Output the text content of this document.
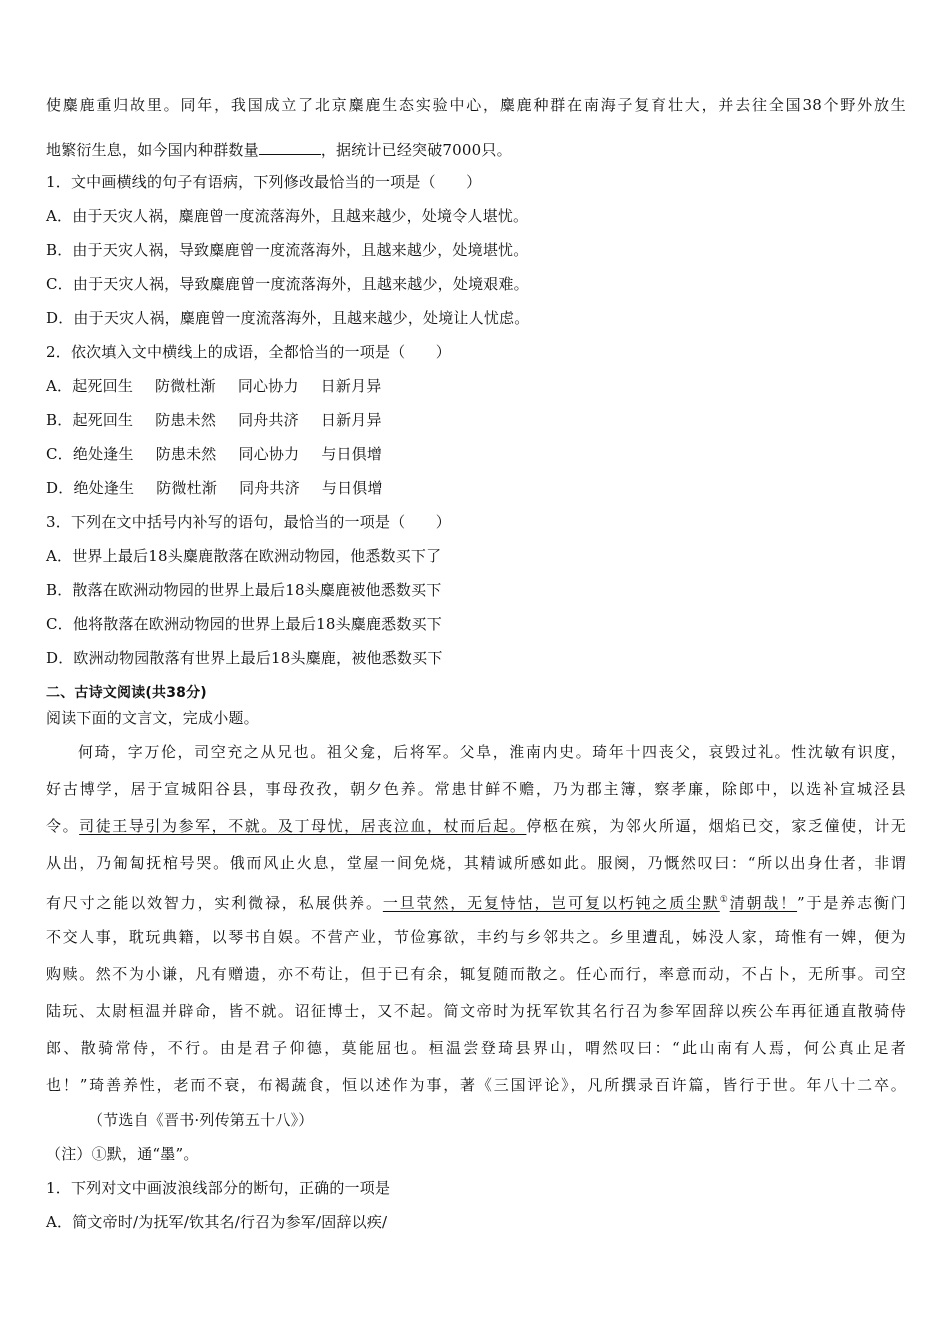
使麋鹿重归故里。同年，我国成立了北京麋鹿生态实验中心，麋鹿种群在南海子复育壮大，并去往全国38个野外放生
地繁衍生息，如今国内种群数量	，据统计已经突破7000只。
1．文中画横线的句子有语病，下列修改最恰当的一项是（　　）
A．由于天灾人祸，麋鹿曾一度流落海外，且越来越少，处境令人堪忧。
B．由于天灾人祸，导致麋鹿曾一度流落海外，且越来越少，处境堪忧。
C．由于天灾人祸，导致麋鹿曾一度流落海外，且越来越少，处境艰难。
D．由于天灾人祸，麋鹿曾一度流落海外，且越来越少，处境让人忧虑。
2．依次填入文中横线上的成语，全都恰当的一项是（　　）
A．起死回生 防微杜渐 同心协力 日新月异
B．起死回生 防患未然 同舟共济 日新月异
C．绝处逢生 防患未然 同心协力 与日俱增
D．绝处逢生 防微杜渐 同舟共济 与日俱增
3．下列在文中括号内补写的语句，最恰当的一项是（　　）
A．世界上最后18头麋鹿散落在欧洲动物园，他悉数买下了
B．散落在欧洲动物园的世界上最后18头麋鹿被他悉数买下
C．他将散落在欧洲动物园的世界上最后18头麋鹿悉数买下
D．欧洲动物园散落有世界上最后18头麋鹿，被他悉数买下
二、古诗文阅读(共38分)
阅读下面的文言文，完成小题。
何琦，字万伦，司空充之从兄也。祖父龛，后将军。父阜，淮南内史。琦年十四丧父，哀毁过礼。性沈敏有识度，
好古博学，居于宣城阳谷县，事母孜孜，朝夕色养。常患甘鲜不赡，乃为郡主簿，察孝廉，除郎中，以选补宣城泾县
令。司徒王导引为参军，不就。及丁母忧，居丧泣血，杖而后起。停柩在殡，为邻火所逼，烟焰已交，家乏僮使，计无
从出，乃匍匐抚棺号哭。俄而风止火息，堂屋一间免烧，其精诚所感如此。服阕，乃慨然叹曰：“所以出身仕者，非谓
有尺寸之能以效智力，实利微禄，私展供养。一旦茕然，无复恃怙，岂可复以朽钝之质尘默①清朝哉！”于是养志衡门
不交人事，耽玩典籍，以琴书自娱。不营产业，节俭寡欲，丰约与乡邻共之。乡里遭乱，姊没人家，琦惟有一婢，便为
购赎。然不为小谦，凡有赠遗，亦不苟让，但于已有余，辄复随而散之。任心而行，率意而动，不占卜，无所事。司空
陆玩、太尉桓温并辟命，皆不就。诏征博士，又不起。简文帝时为抚军钦其名行召为参军固辞以疾公车再征通直散骑侍
郎、散骑常侍，不行。由是君子仰德，莫能屈也。桓温尝登琦县界山，喟然叹曰：“此山南有人焉，何公真止足者
也！”琦善养性，老而不衰，布褐蔬食，恒以述作为事，著《三国评论》，凡所撰录百许篇，皆行于世。年八十二卒。
（节选自《晋书·列传第五十八》）
（注）①默，通“墨”。
1．下列对文中画波浪线部分的断句，正确的一项是
A．简文帝时/为抚军/钦其名/行召为参军/固辞以疾/
